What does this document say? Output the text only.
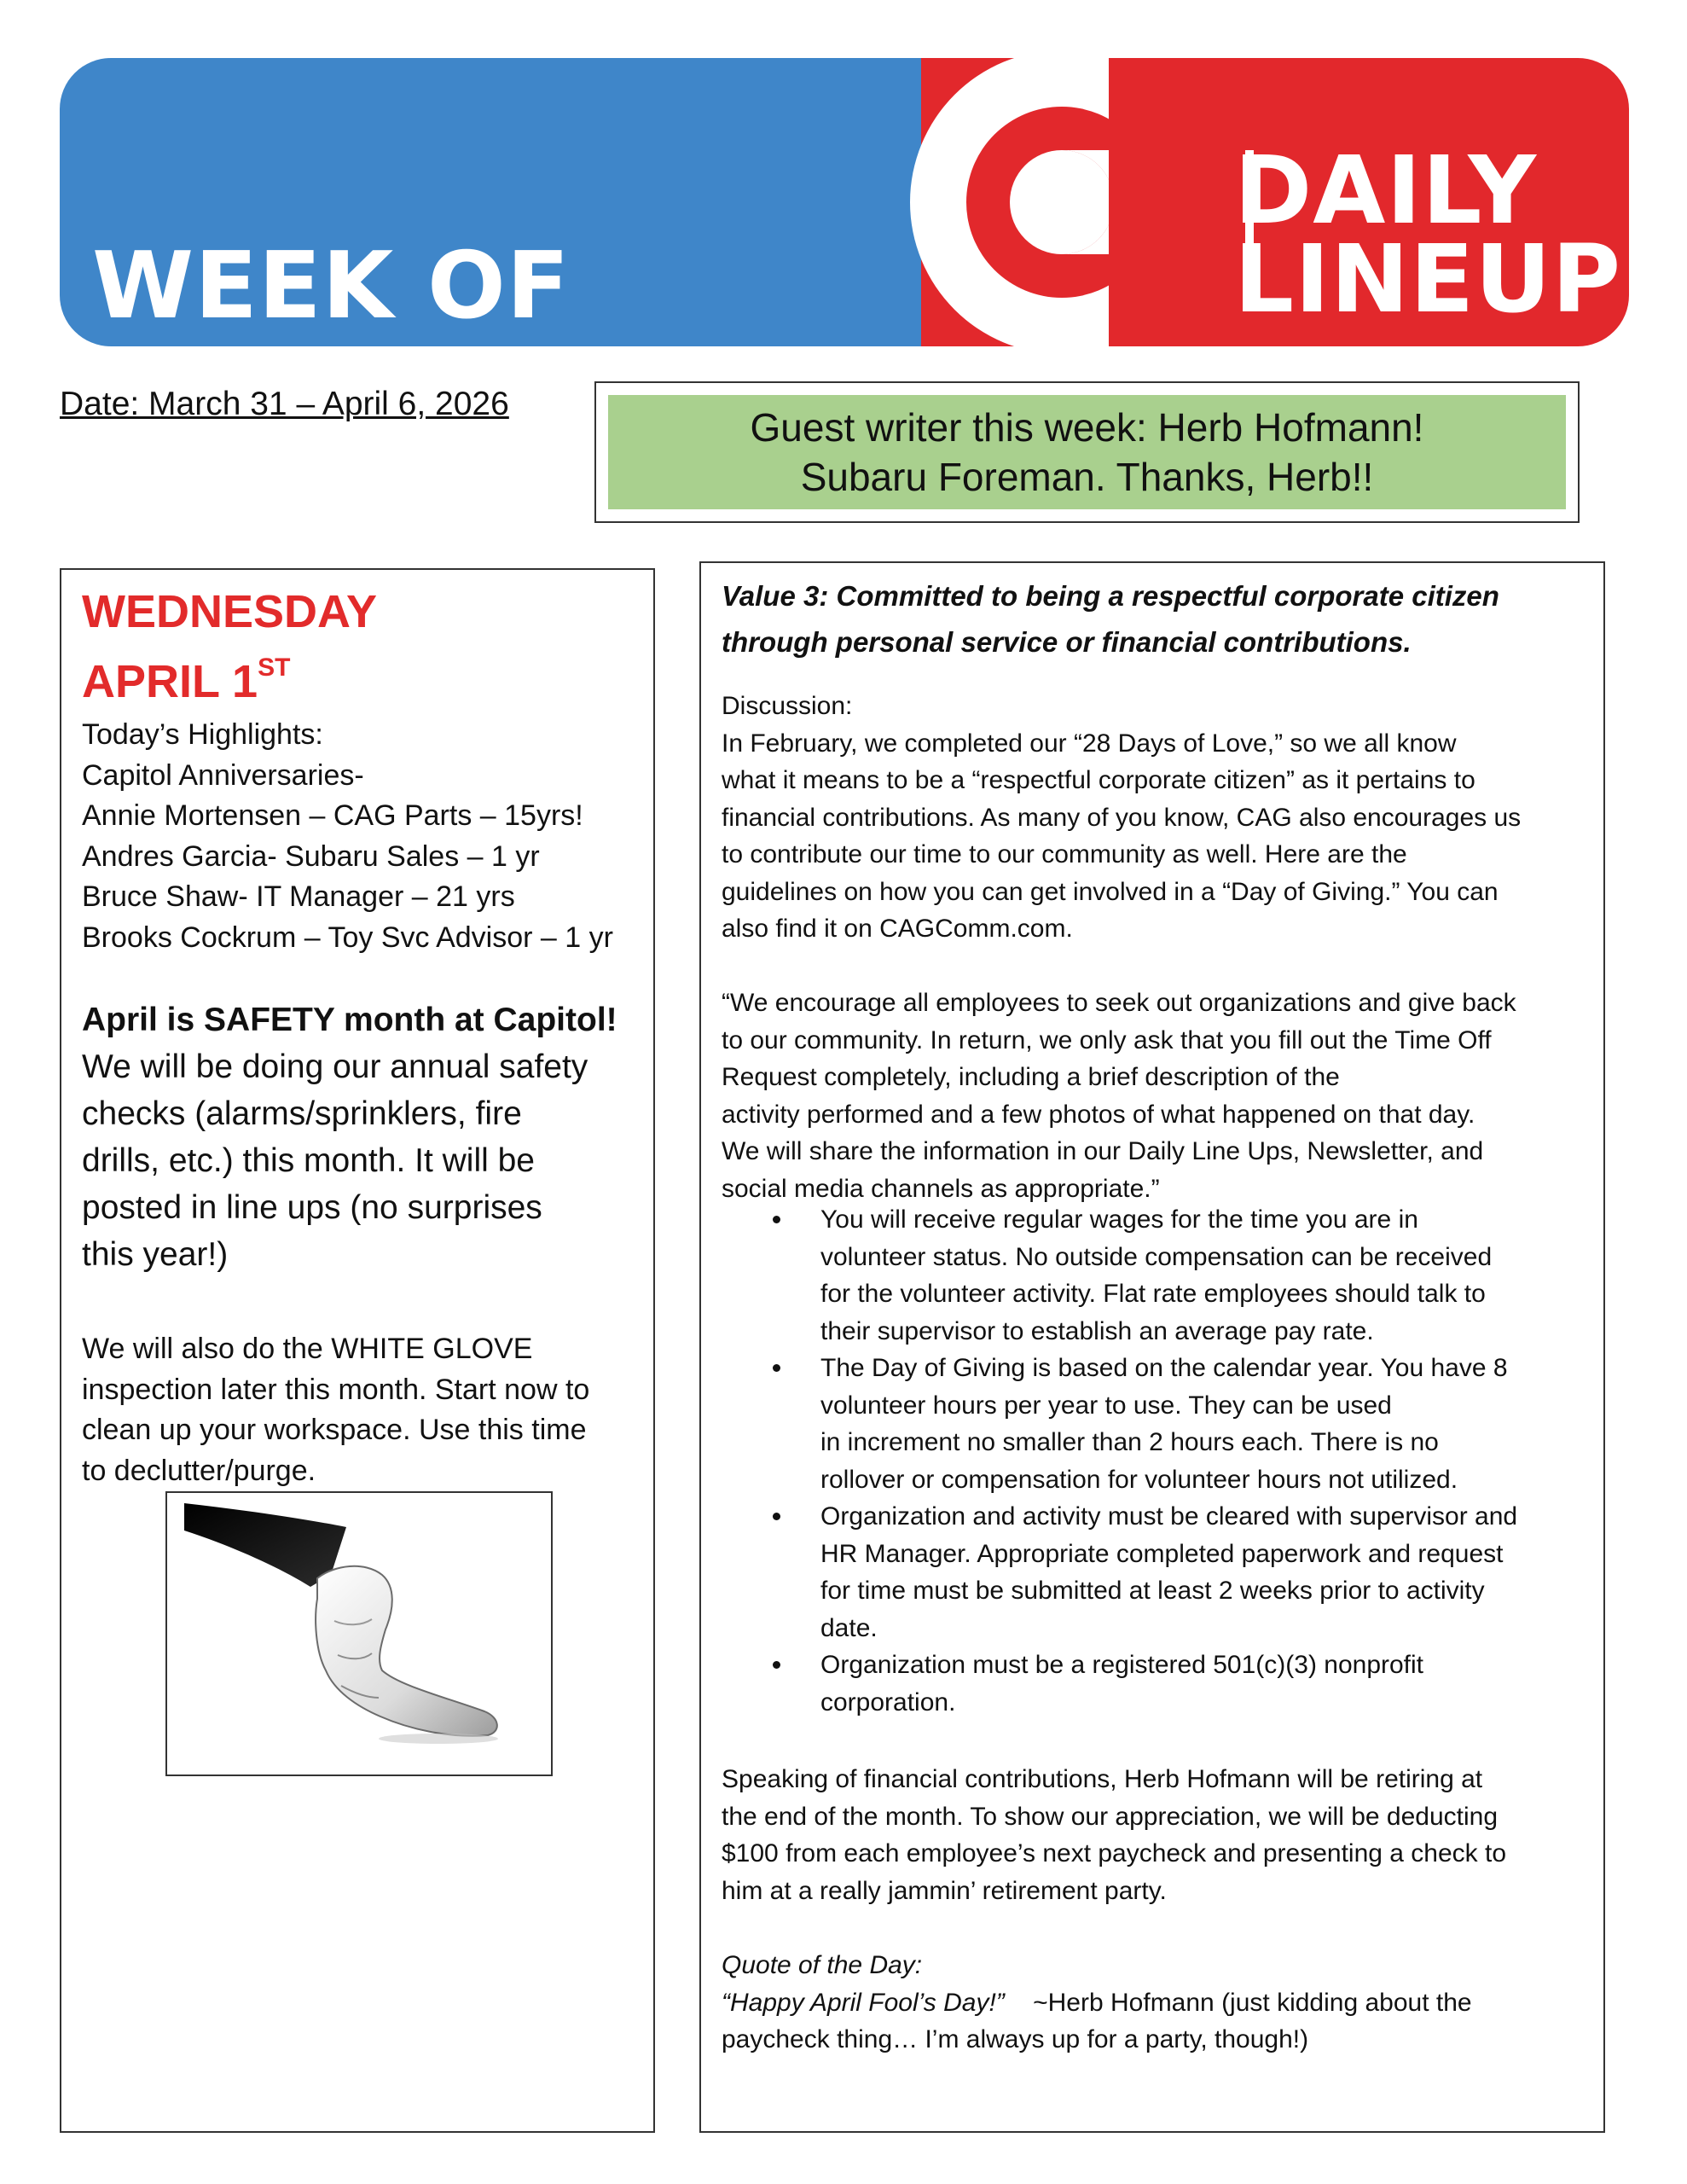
WEEK OF
DAILY
LINEUP
Date: March 31 – April 6, 2026
Guest writer this week: Herb Hofmann!
Subaru Foreman. Thanks, Herb!!
WEDNESDAY
APRIL 1ST
Today’s Highlights:
Capitol Anniversaries-
Annie Mortensen – CAG Parts – 15yrs!
Andres Garcia- Subaru Sales – 1 yr
Bruce Shaw- IT Manager – 21 yrs
Brooks Cockrum – Toy Svc Advisor – 1 yr
April is SAFETY month at Capitol!
We will be doing our annual safety
checks (alarms/sprinklers, fire
drills, etc.) this month. It will be
posted in line ups (no surprises
this year!)
We will also do the WHITE GLOVE
inspection later this month. Start now to
clean up your workspace. Use this time
to declutter/purge.
Value 3: Committed to being a respectful corporate citizen
through personal service or financial contributions.
Discussion:
In February, we completed our “28 Days of Love,” so we all know
what it means to be a “respectful corporate citizen” as it pertains to
financial contributions. As many of you know, CAG also encourages us
to contribute our time to our community as well. Here are the
guidelines on how you can get involved in a “Day of Giving.” You can
also find it on CAGComm.com.
“We encourage all employees to seek out organizations and give back
to our community. In return, we only ask that you fill out the Time Off
Request completely, including a brief description of the
activity performed and a few photos of what happened on that day.
We will share the information in our Daily Line Ups, Newsletter, and
social media channels as appropriate.”
You will receive regular wages for the time you are in
volunteer status. No outside compensation can be received
for the volunteer activity. Flat rate employees should talk to
their supervisor to establish an average pay rate.
The Day of Giving is based on the calendar year. You have 8
volunteer hours per year to use. They can be used
in increment no smaller than 2 hours each. There is no
rollover or compensation for volunteer hours not utilized.
Organization and activity must be cleared with supervisor and
HR Manager. Appropriate completed paperwork and request
for time must be submitted at least 2 weeks prior to activity
date.
Organization must be a registered 501(c)(3) nonprofit
corporation.
Speaking of financial contributions, Herb Hofmann will be retiring at
the end of the month. To show our appreciation, we will be deducting
$100 from each employee’s next paycheck and presenting a check to
him at a really jammin’ retirement party.
Quote of the Day:
“Happy April Fool’s Day!” ~Herb Hofmann (just kidding about the
paycheck thing… I’m always up for a party, though!)
